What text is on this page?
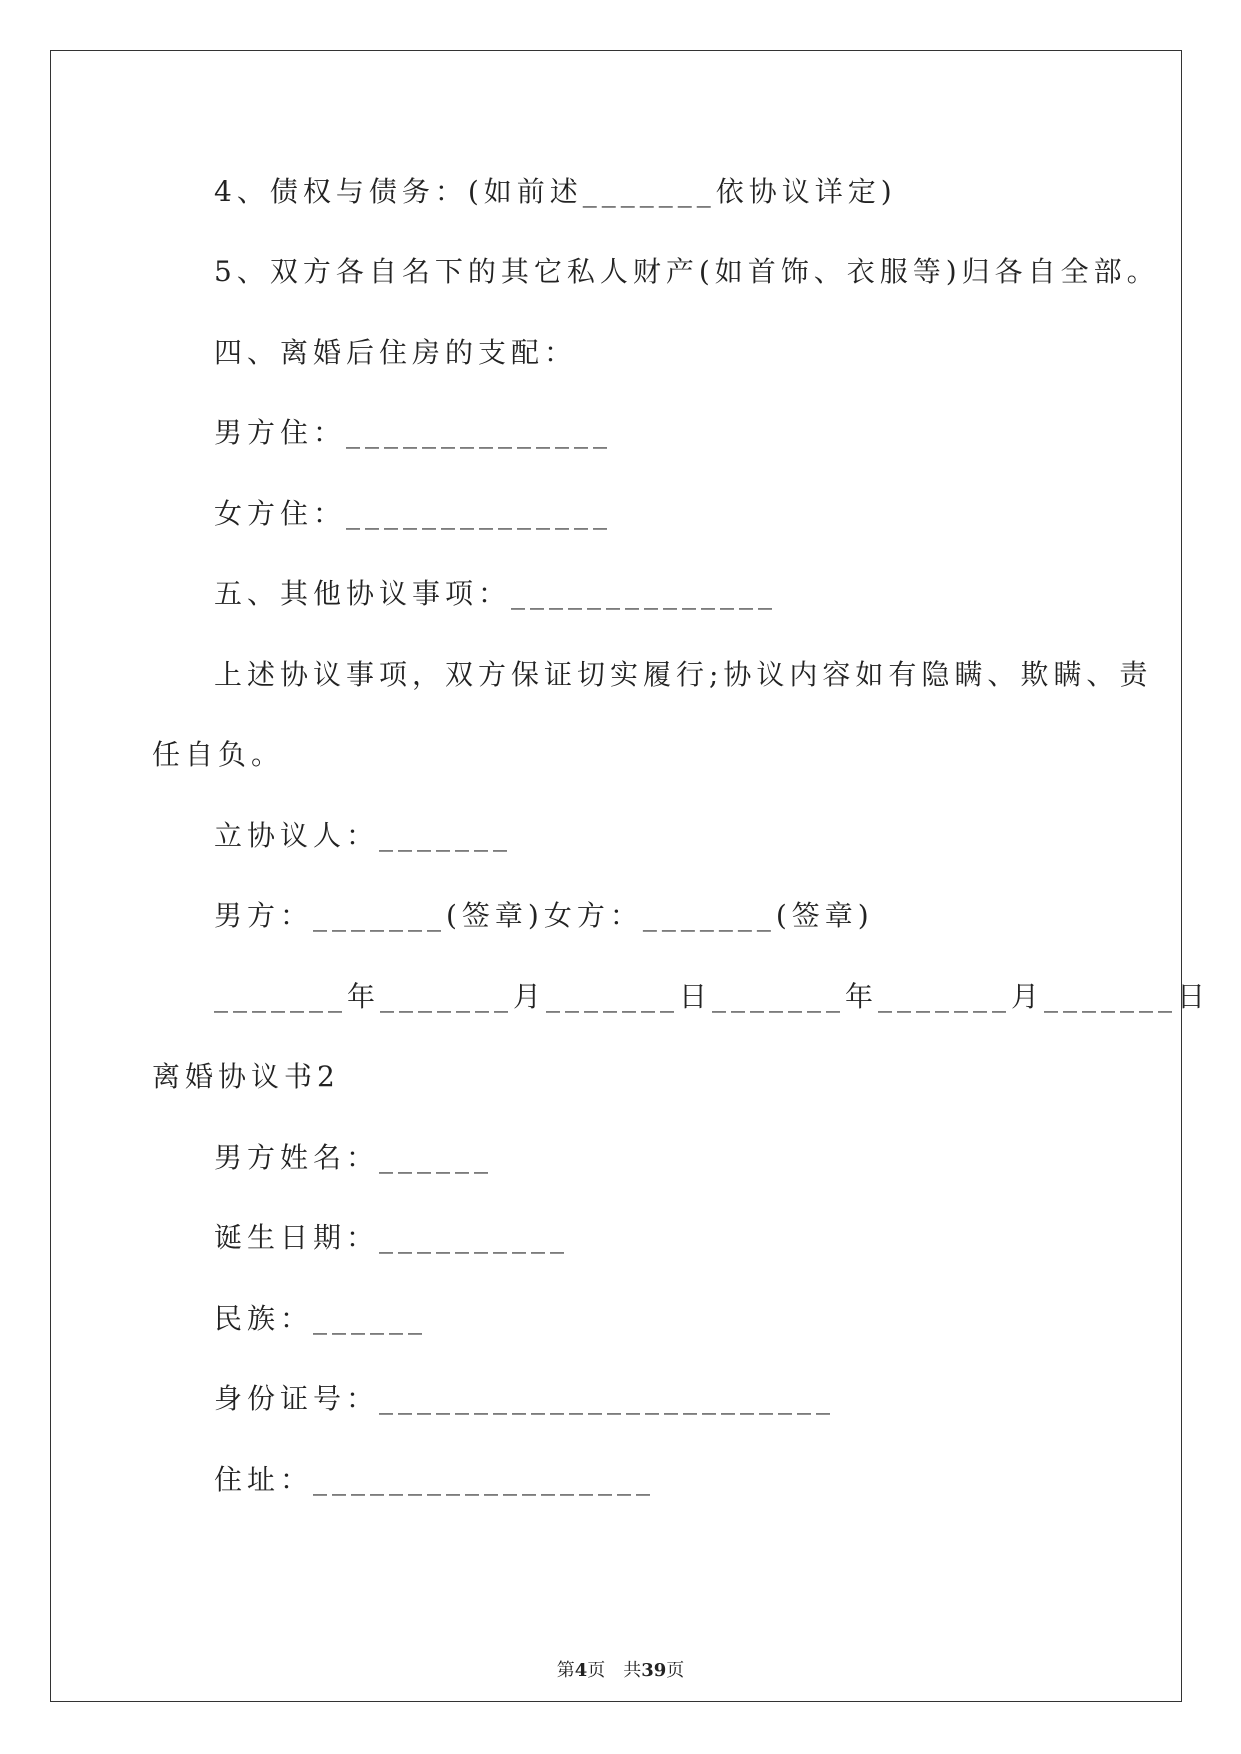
4、债权与债务：(如前述_______依协议详定)
5、双方各自名下的其它私人财产(如首饰、衣服等)归各自全部。
四、离婚后住房的支配：
男方住：______________
女方住：______________
五、其他协议事项：______________
上述协议事项，双方保证切实履行;协议内容如有隐瞒、欺瞒、责
任自负。
立协议人：_______
男方：_______(签章)女方：_______(签章)
_______年_______月_______日_______年_______月_______日
离婚协议书2
男方姓名：______
诞生日期：__________
民族：______
身份证号：________________________
住址：__________________
第4页 共39页
